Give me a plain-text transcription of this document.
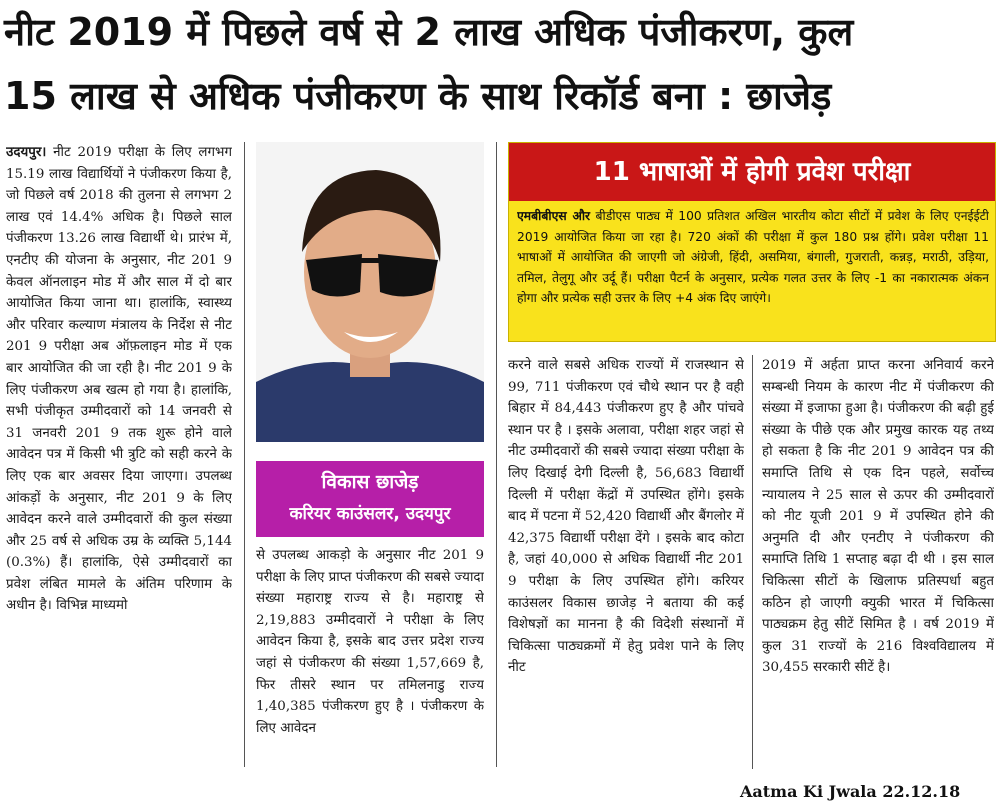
नीट 2019 में पिछले वर्ष से 2 लाख अधिक पंजीकरण, कुल
15 लाख से अधिक पंजीकरण के साथ रिकॉर्ड बना : छाजेड़
उदयपुर। नीट 2019 परीक्षा के लिए लगभग 15.19 लाख विद्यार्थियों ने पंजीकरण किया है, जो पिछले वर्ष 2018 की तुलना से लगभग 2 लाख एवं 14.4% अधिक है। पिछले साल पंजीकरण 13.26 लाख विद्यार्थी थे। प्रारंभ में, एनटीए की योजना के अनुसार, नीट 201 9 केवल ऑनलाइन मोड में और साल में दो बार आयोजित किया जाना था। हालांकि, स्वास्थ्य और परिवार कल्याण मंत्रालय के निर्देश से नीट 201 9 परीक्षा अब ऑफ़लाइन मोड में एक बार आयोजित की जा रही है। नीट 201 9 के लिए पंजीकरण अब खत्म हो गया है। हालांकि, सभी पंजीकृत उम्मीदवारों को 14 जनवरी से 31 जनवरी 201 9 तक शुरू होने वाले आवेदन पत्र में किसी भी त्रुटि को सही करने के लिए एक बार अवसर दिया जाएगा। उपलब्ध आंकड़ों के अनुसार, नीट 201 9 के लिए आवेदन करने वाले उम्मीदवारों की कुल संख्या और 25 वर्ष से अधिक उम्र के व्यक्ति 5,144 (0.3%) हैं। हालांकि, ऐसे उम्मीदवारों का प्रवेश लंबित मामले के अंतिम परिणाम के अधीन है। विभिन्न माध्यमो
विकास छाजेड़
करियर काउंसलर, उदयपुर
से उपलब्ध आकड़ो के अनुसार नीट 201 9 परीक्षा के लिए प्राप्त पंजीकरण की सबसे ज्यादा संख्या महाराष्ट्र राज्य से है। महाराष्ट्र से 2,19,883 उम्मीदवारों ने परीक्षा के लिए आवेदन किया है, इसके बाद उत्तर प्रदेश राज्य जहां से पंजीकरण की संख्या 1,57,669 है, फिर तीसरे स्थान पर तमिलनाडु राज्य 1,40,385 पंजीकरण हुए है । पंजीकरण के लिए आवेदन
11 भाषाओं में होगी प्रवेश परीक्षा
एमबीबीएस और बीडीएस पाठ्य में 100 प्रतिशत अखिल भारतीय कोटा सीटों में प्रवेश के लिए एनईईटी 2019 आयोजित किया जा रहा है। 720 अंकों की परीक्षा में कुल 180 प्रश्न होंगे। प्रवेश परीक्षा 11 भाषाओं में आयोजित की जाएगी जो अंग्रेजी, हिंदी, असमिया, बंगाली, गुजराती, कन्नड़, मराठी, उड़िया, तमिल, तेलुगू और उर्दू हैं। परीक्षा पैटर्न के अनुसार, प्रत्येक गलत उत्तर के लिए -1 का नकारात्मक अंकन होगा और प्रत्येक सही उत्तर के लिए +4 अंक दिए जाएंगे।
करने वाले सबसे अधिक राज्यों में राजस्थान से 99, 711 पंजीकरण एवं चौथे स्थान पर है वही बिहार में 84,443 पंजीकरण हुए है और पांचवे स्थान पर है । इसके अलावा, परीक्षा शहर जहां से नीट उम्मीदवारों की सबसे ज्यादा संख्या परीक्षा के लिए दिखाई देगी दिल्ली है, 56,683 विद्यार्थी दिल्ली में परीक्षा केंद्रों में उपस्थित होंगे। इसके बाद में पटना में 52,420 विद्यार्थी और बैंगलोर में 42,375 विद्यार्थी परीक्षा देंगे । इसके बाद कोटा है, जहां 40,000 से अधिक विद्यार्थी नीट 201 9 परीक्षा के लिए उपस्थित होंगे। करियर काउंसलर विकास छाजेड़ ने बताया की कई विशेषज्ञों का मानना है की विदेशी संस्थानों में चिकित्सा पाठ्यक्रमों में हेतु प्रवेश पाने के लिए नीट
2019 में अर्हता प्राप्त करना अनिवार्य करने सम्बन्धी नियम के कारण नीट में पंजीकरण की संख्या में इजाफा हुआ है। पंजीकरण की बढ़ी हुई संख्या के पीछे एक और प्रमुख कारक यह तथ्य हो सकता है कि नीट 201 9 आवेदन पत्र की समाप्ति तिथि से एक दिन पहले, सर्वोच्च न्यायालय ने 25 साल से ऊपर की उम्मीदवारों को नीट यूजी 201 9 में उपस्थित होने की अनुमति दी और एनटीए ने पंजीकरण की समाप्ति तिथि 1 सप्ताह बढ़ा दी थी । इस साल चिकित्सा सीटों के खिलाफ प्रतिस्पर्धा बहुत कठिन हो जाएगी क्युकी भारत में चिकित्सा पाठ्यक्रम हेतु सीटें सिमित है । वर्ष 2019 में कुल 31 राज्यों के 216 विश्वविद्यालय में 30,455 सरकारी सीटें है।
Aatma Ki Jwala 22.12.18
